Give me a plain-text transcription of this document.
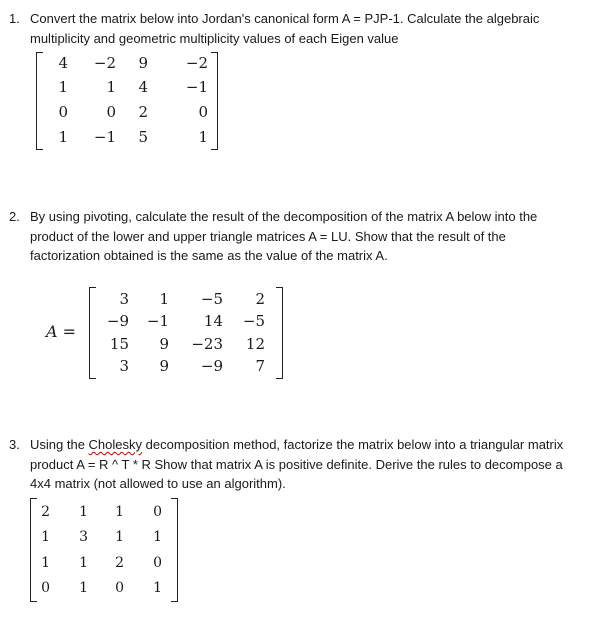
1. Convert the matrix below into Jordan's canonical form A = PJP-1. Calculate the algebraic
multiplicity and geometric multiplicity values of each Eigen value
4	−2	9	−2
1	1	4	−1
0	0	2	0
1	−1	5	1
2. By using pivoting, calculate the result of the decomposition of the matrix A below into the
product of the lower and upper triangle matrices A = LU. Show that the result of the
factorization obtained is the same as the value of the matrix A.
A =
3	1	−5	2
−9	−1	14	−5
15	9	−23	12
3	9	−9	7
3. Using the Cholesky decomposition method, factorize the matrix below into a triangular matrix
product A = R ^ T * R Show that matrix A is positive definite. Derive the rules to decompose a
4x4 matrix (not allowed to use an algorithm).
2	1	1	0
1	3	1	1
1	1	2	0
0	1	0	1
